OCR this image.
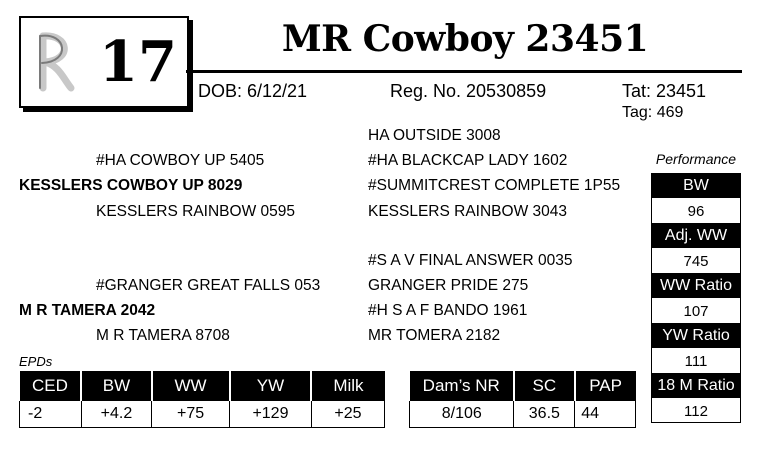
17	MR Cowboy 23451
DOB: 6/12/21	Reg. No. 20530859	Tat: 23451
Tag: 469
HA OUTSIDE 3008
#HA COWBOY UP 5405	#HA BLACKCAP LADY 1602
KESSLERS COWBOY UP 8029	#SUMMITCREST COMPLETE 1P55
KESSLERS RAINBOW 0595	KESSLERS RAINBOW 3043
#S A V FINAL ANSWER 0035
#GRANGER GREAT FALLS 053	GRANGER PRIDE 275
M R TAMERA 2042	#H S A F BANDO 1961
M R TAMERA 8708	MR TOMERA 2182
Performance
BW
96
Adj. WW
745
WW Ratio
107
YW Ratio
111
18 M Ratio
112
EPDs
CED	BW	WW	YW	Milk
-2	+4.2	+75	+129	+25
Dam’s NR	SC	PAP
8/106	36.5	44
